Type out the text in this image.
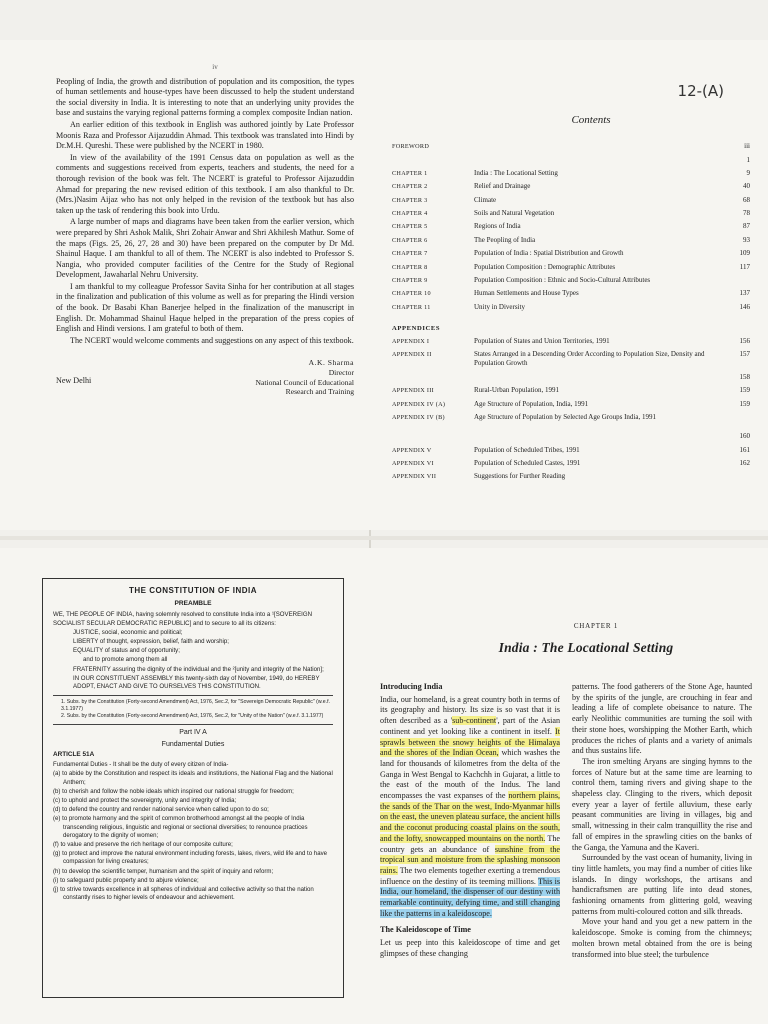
iv

Peopling of India, the growth and distribution of population and its composition, the types of human settlements and house-types have been discussed to help the student understand the social diversity in India. It is interesting to note that an underlying unity provides the base and sustains the varying regional patterns forming a complex composite Indian nation.

An earlier edition of this textbook in English was authored jointly by Late Professor Moonis Raza and Professor Aijazuddin Ahmad. This textbook was translated into Hindi by Dr.M.H. Qureshi. These were published by the NCERT in 1980.

In view of the availability of the 1991 Census data on population as well as the comments and suggestions received from experts, teachers and students, the need for a thorough revision of the book was felt. The NCERT is grateful to Professor Aijazuddin Ahmad for preparing the new revised edition of this textbook. I am also thankful to Dr.(Mrs.)Nasim Aijaz who has not only helped in the revision of the textbook but has also taken up the task of rendering this book into Urdu.

A large number of maps and diagrams have been taken from the earlier version, which were prepared by Shri Ashok Malik, Shri Zohair Anwar and Shri Akhilesh Mathur. Some of the maps (Figs. 25, 26, 27, 28 and 30) have been prepared on the computer by Dr Md. Shainul Haque. I am thankful to all of them. The NCERT is also indebted to Professor S. Nangia, who provided computer facilities of the Centre for the Study of Regional Development, Jawaharlal Nehru University.

I am thankful to my colleague Professor Savita Sinha for her contribution at all stages in the finalization and publication of this volume as well as for preparing the Hindi version of the book. Dr Basabi Khan Banerjee helped in the finalization of the manuscript in English. Dr. Mohammad Shainul Haque helped in the preparation of the press copies of English and Hindi versions. I am grateful to both of them.

The NCERT would welcome comments and suggestions on any aspect of this textbook.

New Delhi
A.K. Sharma
Director
National Council of Educational
Research and Training
12-(A)
Contents
FOREWORD		iii
		1
CHAPTER 1	India : The Locational Setting	9
CHAPTER 2	Relief and Drainage	40
CHAPTER 3	Climate	68
CHAPTER 4	Soils and Natural Vegetation	78
CHAPTER 5	Regions of India	87
CHAPTER 6	The Peopling of India	93
CHAPTER 7	Population of India : Spatial Distribution and Growth	109
CHAPTER 8	Population Composition : Demographic Attributes	117
CHAPTER 9	Population Composition : Ethnic and Socio-Cultural Attributes	
CHAPTER 10	Human Settlements and House Types	137
CHAPTER 11	Unity in Diversity	146
APPENDICES		
APPENDIX I	Population of States and Union Territories, 1991	156
APPENDIX II	States Arranged in a Descending Order According to Population Size, Density and Population Growth	157
		158
APPENDIX III	Rural-Urban Population, 1991	159
APPENDIX IV (A)	Age Structure of Population, India, 1991	159
APPENDIX IV (B)	Age Structure of Population by Selected Age Groups India, 1991	
		160
APPENDIX V	Population of Scheduled Tribes, 1991	161
APPENDIX VI	Population of Scheduled Castes, 1991	162
APPENDIX VII	Suggestions for Further Reading	
THE CONSTITUTION OF INDIA
PREAMBLE

WE, THE PEOPLE OF INDIA, having solemnly resolved to constitute India into a ¹[SOVEREIGN SOCIALIST SECULAR DEMOCRATIC REPUBLIC] and to secure to all its citizens:

JUSTICE, social, economic and political;

LIBERTY of thought, expression, belief, faith and worship;

EQUALITY of status and of opportunity;

and to promote among them all

FRATERNITY assuring the dignity of the individual and the ²[unity and integrity of the Nation];

IN OUR CONSTITUENT ASSEMBLY this twenty-sixth day of November, 1949, do HEREBY ADOPT, ENACT AND GIVE TO OURSELVES THIS CONSTITUTION.

1. Subs. by the Constitution (Forty-second Amendment) Act, 1976, Sec.2, for "Sovereign Democratic Republic" (w.e.f. 3.1.1977)
2. Subs. by the Constitution (Forty-second Amendment) Act, 1976, Sec.2, for "Unity of the Nation" (w.e.f. 3.1.1977)
Part IV A
Fundamental Duties
ARTICLE 51A

Fundamental Duties - It shall be the duty of every citizen of India-

(a) to abide by the Constitution and respect its ideals and institutions, the National Flag and the National Anthem;

(b) to cherish and follow the noble ideals which inspired our national struggle for freedom;

(c) to uphold and protect the sovereignty, unity and integrity of India;

(d) to defend the country and render national service when called upon to do so;

(e) to promote harmony and the spirit of common brotherhood amongst all the people of India transcending religious, linguistic and regional or sectional diversities; to renounce practices derogatory to the dignity of women;

(f) to value and preserve the rich heritage of our composite culture;

(g) to protect and improve the natural environment including forests, lakes, rivers, wild life and to have compassion for living creatures;

(h) to develop the scientific temper, humanism and the spirit of inquiry and reform;

(i) to safeguard public property and to abjure violence;

(j) to strive towards excellence in all spheres of individual and collective activity so that the nation constantly rises to higher levels of endeavour and achievement.

CHAPTER 1
India : The Locational Setting
Introducing India

India, our homeland, is a great country both in terms of its geography and history. Its size is so vast that it is often described as a 'sub-continent', part of the Asian continent and yet looking like a continent in itself. It sprawls between the snowy heights of the Himalaya and the shores of the Indian Ocean, which washes the land for thousands of kilometres from the delta of the Ganga in West Bengal to Kachchh in Gujarat, a little to the east of the mouth of the Indus. The land encompasses the vast expanses of the northern plains, the sands of the Thar on the west, Indo-Myanmar hills on the east, the uneven plateau surface, the ancient hills and the coconut producing coastal plains on the south, and the lofty, snowcapped mountains on the north. The country gets an abundance of sunshine from the tropical sun and moisture from the splashing monsoon rains. The two elements together exerting a tremendous influence on the destiny of its teeming millions. This is India, our homeland, the dispenser of our destiny with remarkable continuity, defying time, and still changing like the patterns in a kaleidoscope.

The Kaleidoscope of Time

Let us peep into this kaleidoscope of time and get glimpses of these changing

patterns. The food gatherers of the Stone Age, haunted by the spirits of the jungle, are crouching in fear and leading a life of complete obeisance to nature. The early Neolithic communities are turning the soil with their stone hoes, worshipping the Mother Earth, which produces the riches of plants and a variety of animals and thus sustains life.

The iron smelting Aryans are singing hymns to the forces of Nature but at the same time are learning to control them, taming rivers and giving shape to the shapeless clay. Clinging to the rivers, which deposit every year a layer of fertile alluvium, these early peasant communities are living in villages, big and small, witnessing in their calm tranquillity the rise and fall of empires in the sprawling cities on the banks of the Ganga, the Yamuna and the Kaveri.

Surrounded by the vast ocean of humanity, living in tiny little hamlets, you may find a number of cities like islands. In dingy workshops, the artisans and handicraftsmen are putting life into dead stones, fashioning ornaments from glittering gold, weaving patterns from multi-coloured cotton and silk threads.

Move your hand and you get a new pattern in the kaleidoscope. Smoke is coming from the chimneys; molten brown metal obtained from the ore is being transformed into blue steel; the turbulence
